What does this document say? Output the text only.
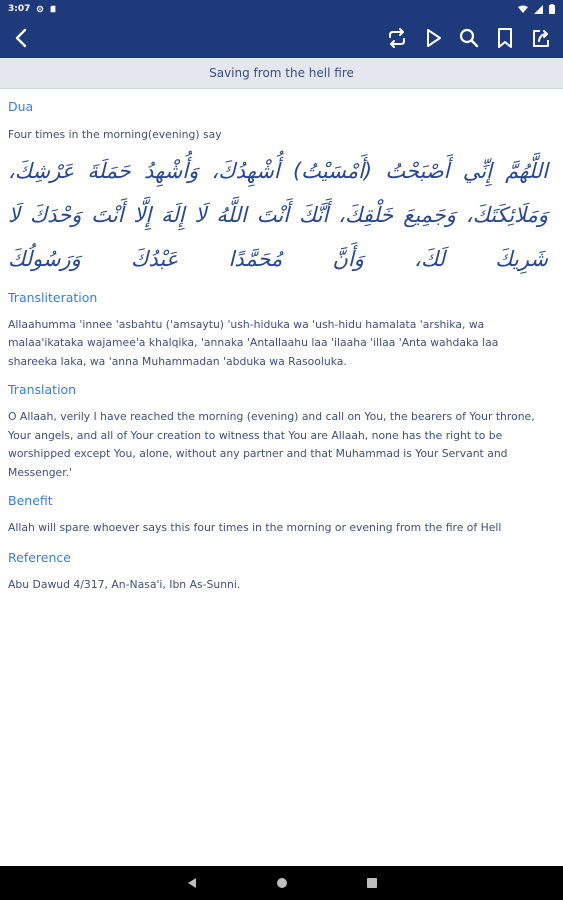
3:07
Saving from the hell fire

Dua

Four times in the morning(evening) say

اللَّهُمَّ إِنِّي أَصْبَحْتُ (أَمْسَيْتُ) أُشْهِدُكَ، وَأُشْهِدُ حَمَلَةَ عَرْشِكَ، وَمَلَائِكَتَكَ، وَجَمِيعَ خَلْقِكَ، أَنَّكَ أَنْتَ اللَّهُ لَا إِلَهَ إِلَّا أَنْتَ وَحْدَكَ لَا شَرِيكَ لَكَ، وَأَنَّ مُحَمَّدًا عَبْدُكَ وَرَسُولُكَ

Transliteration

Allaahumma 'innee 'asbahtu ('amsaytu) 'ush-hiduka wa 'ush-hidu hamalata 'arshika, wa malaa'ikataka wajamee'a khalqika, 'annaka 'Antallaahu laa 'ilaaha 'illaa 'Anta wahdaka laa shareeka laka, wa 'anna Muhammadan 'abduka wa Rasooluka.

Translation

O Allaah, verily I have reached the morning (evening) and call on You, the bearers of Your throne, Your angels, and all of Your creation to witness that You are Allaah, none has the right to be worshipped except You, alone, without any partner and that Muhammad is Your Servant and Messenger.'

Benefit

Allah will spare whoever says this four times in the morning or evening from the fire of Hell

Reference

Abu Dawud 4/317, An-Nasa'i, Ibn As-Sunni.
